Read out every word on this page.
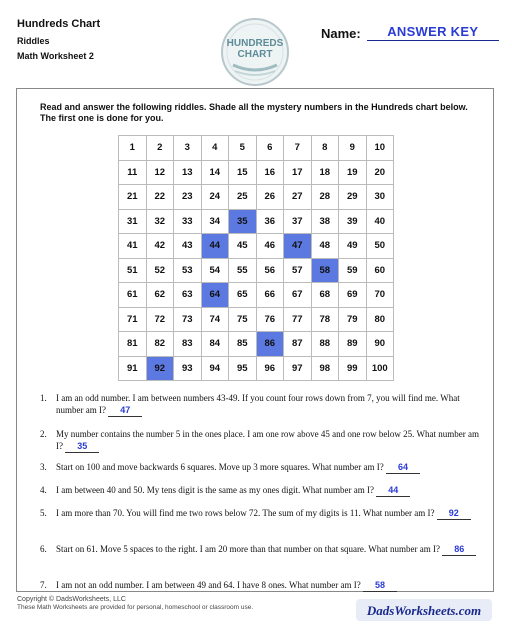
Hundreds Chart
Riddles
Math Worksheet 2
HUNDREDS
CHART
Name:	ANSWER KEY
Read and answer the following riddles. Shade all the mystery numbers in the Hundreds chart below. The first one is done for you.
1	2	3	4	5	6	7	8	9	10
11	12	13	14	15	16	17	18	19	20
21	22	23	24	25	26	27	28	29	30
31	32	33	34	35	36	37	38	39	40
41	42	43	44	45	46	47	48	49	50
51	52	53	54	55	56	57	58	59	60
61	62	63	64	65	66	67	68	69	70
71	72	73	74	75	76	77	78	79	80
81	82	83	84	85	86	87	88	89	90
91	92	93	94	95	96	97	98	99	100
1.	I am an odd number. I am between numbers 43-49. If you count four rows down from 7, you will find me. What number am I? 47
2.	My number contains the number 5 in the ones place. I am one row above 45 and one row below 25. What number am I? 35
3.	Start on 100 and move backwards 6 squares. Move up 3 more squares. What number am I? 64
4.	I am between 40 and 50. My tens digit is the same as my ones digit. What number am I? 44
5.	I am more than 70. You will find me two rows below 72. The sum of my digits is 11. What number am I? 92
6.	Start on 61. Move 5 spaces to the right. I am 20 more than that number on that square. What number am I? 86
7.	I am not an odd number. I am between 49 and 64. I have 8 ones. What number am I? 58
Copyright © DadsWorksheets, LLC
These Math Worksheets are provided for personal, homeschool or classroom use.	DadsWorksheets.com
